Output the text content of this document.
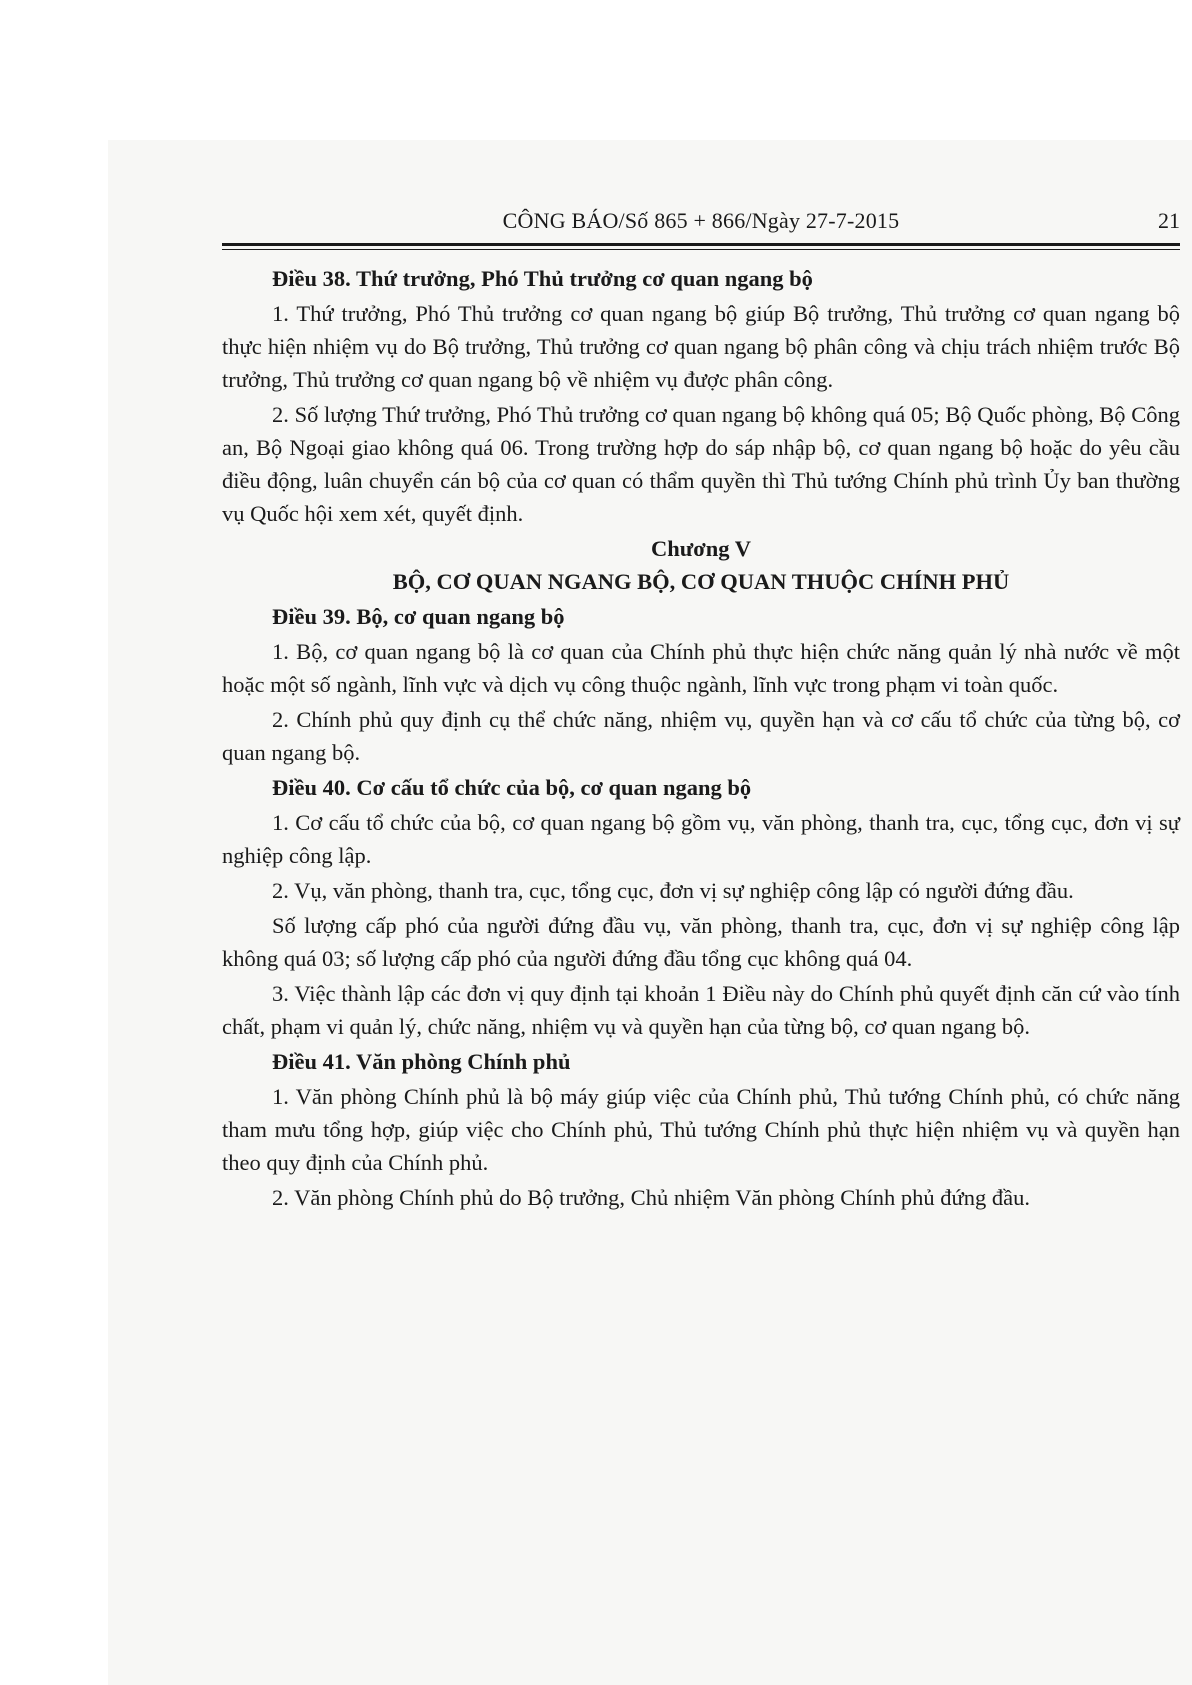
CÔNG BÁO/Số 865 + 866/Ngày 27-7-2015	21

Điều 38. Thứ trưởng, Phó Thủ trưởng cơ quan ngang bộ

1. Thứ trưởng, Phó Thủ trưởng cơ quan ngang bộ giúp Bộ trưởng, Thủ trưởng cơ quan ngang bộ thực hiện nhiệm vụ do Bộ trưởng, Thủ trưởng cơ quan ngang bộ phân công và chịu trách nhiệm trước Bộ trưởng, Thủ trưởng cơ quan ngang bộ về nhiệm vụ được phân công.

2. Số lượng Thứ trưởng, Phó Thủ trưởng cơ quan ngang bộ không quá 05; Bộ Quốc phòng, Bộ Công an, Bộ Ngoại giao không quá 06. Trong trường hợp do sáp nhập bộ, cơ quan ngang bộ hoặc do yêu cầu điều động, luân chuyển cán bộ của cơ quan có thẩm quyền thì Thủ tướng Chính phủ trình Ủy ban thường vụ Quốc hội xem xét, quyết định.

Chương V

BỘ, CƠ QUAN NGANG BỘ, CƠ QUAN THUỘC CHÍNH PHỦ

Điều 39. Bộ, cơ quan ngang bộ

1. Bộ, cơ quan ngang bộ là cơ quan của Chính phủ thực hiện chức năng quản lý nhà nước về một hoặc một số ngành, lĩnh vực và dịch vụ công thuộc ngành, lĩnh vực trong phạm vi toàn quốc.

2. Chính phủ quy định cụ thể chức năng, nhiệm vụ, quyền hạn và cơ cấu tổ chức của từng bộ, cơ quan ngang bộ.

Điều 40. Cơ cấu tổ chức của bộ, cơ quan ngang bộ

1. Cơ cấu tổ chức của bộ, cơ quan ngang bộ gồm vụ, văn phòng, thanh tra, cục, tổng cục, đơn vị sự nghiệp công lập.

2. Vụ, văn phòng, thanh tra, cục, tổng cục, đơn vị sự nghiệp công lập có người đứng đầu.

Số lượng cấp phó của người đứng đầu vụ, văn phòng, thanh tra, cục, đơn vị sự nghiệp công lập không quá 03; số lượng cấp phó của người đứng đầu tổng cục không quá 04.

3. Việc thành lập các đơn vị quy định tại khoản 1 Điều này do Chính phủ quyết định căn cứ vào tính chất, phạm vi quản lý, chức năng, nhiệm vụ và quyền hạn của từng bộ, cơ quan ngang bộ.

Điều 41. Văn phòng Chính phủ

1. Văn phòng Chính phủ là bộ máy giúp việc của Chính phủ, Thủ tướng Chính phủ, có chức năng tham mưu tổng hợp, giúp việc cho Chính phủ, Thủ tướng Chính phủ thực hiện nhiệm vụ và quyền hạn theo quy định của Chính phủ.

2. Văn phòng Chính phủ do Bộ trưởng, Chủ nhiệm Văn phòng Chính phủ đứng đầu.
